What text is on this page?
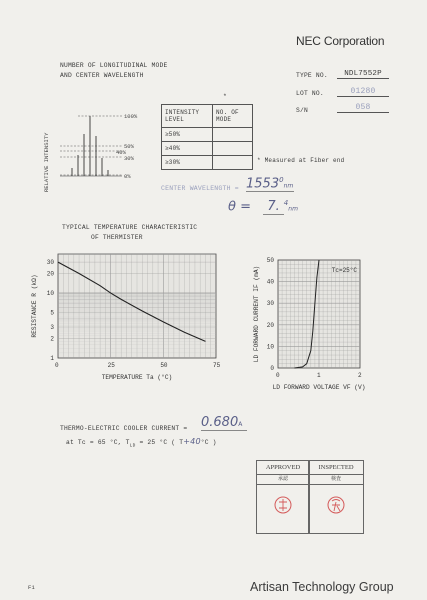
NEC Corporation
NUMBER OF LONGITUDINAL MODE
AND CENTER WAVELENGTH	TYPE NO.	NDL7552P
LOT NO.	01280
S/N	058
RELATIVE INTENSITY
100%
50%
40%
30%
0%
*
INTENSITY
LEVEL	NO. OF
MODE
≥50%	
≥40%	
≥30%		* Measured at Fiber end
CENTER WAVELENGTH = $1553^0nm$
θ = 7. $^4$nm
TYPICAL TEMPERATURE CHARACTERISTIC
OF THERMISTER
0	25	50	75
1
2
3
5
10
20
30
TEMPERATURE Ta (°C)
RESISTANCE R (kΩ)
0	1	2
0
10
20
30
40
50
Tc=25°C
LD FORWARD VOLTAGE VF (V)
LD FORWARD CURRENT IF (mA)
THERMO-ELECTRIC COOLER CURRENT = 0.680A
at Tc = 65 °C, $T_{LD} = 25$ °C ( T+40°C )
APPROVED
承認
INSPECTED
検査
F1	Artisan Technology Group
